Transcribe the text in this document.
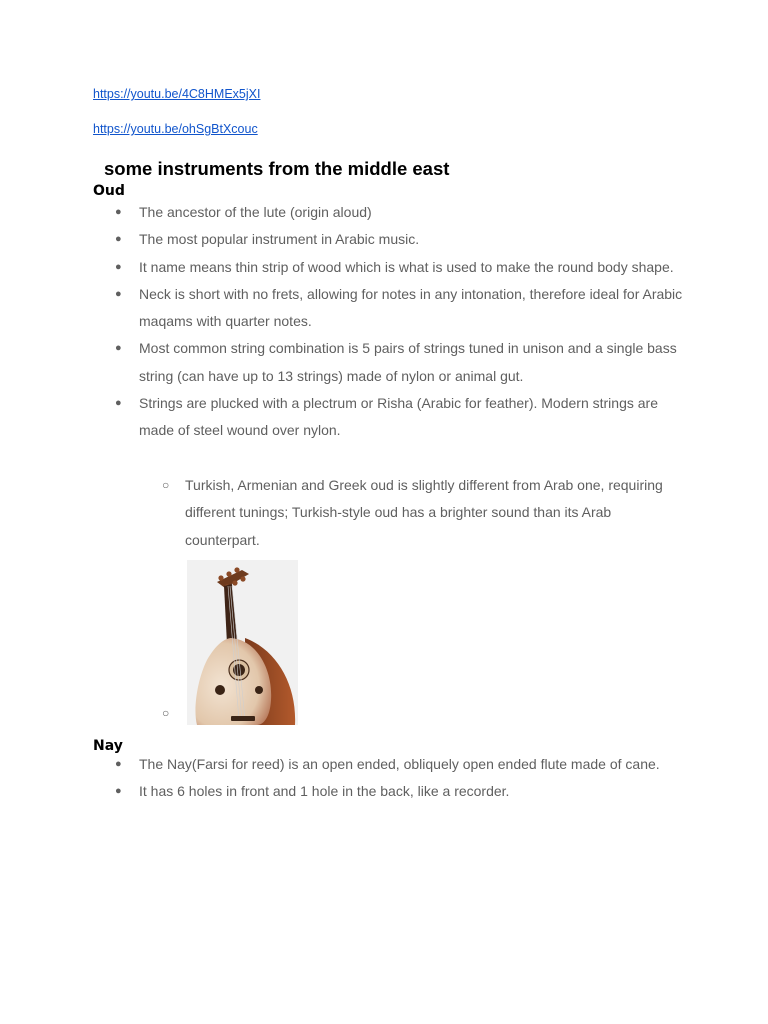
https://youtu.be/4C8HMEx5jXI
https://youtu.be/ohSgBtXcouc
some instruments from the middle east
Oud
● The ancestor of the lute (origin aloud)
● The most popular instrument in Arabic music.
● It name means thin strip of wood which is what is used to make the round body shape.
● Neck is short with no frets, allowing for notes in any intonation, therefore ideal for Arabic maqams with quarter notes.
● Most common string combination is 5 pairs of strings tuned in unison and a single bass string (can have up to 13 strings) made of nylon or animal gut.
● Strings are plucked with a plectrum or Risha (Arabic for feather). Modern strings are made of steel wound over nylon.
○ Turkish, Armenian and Greek oud is slightly different from Arab one, requiring different tunings; Turkish-style oud has a brighter sound than its Arab counterpart.
○
Nay
● The Nay(Farsi for reed) is an open ended, obliquely open ended flute made of cane.
● It has 6 holes in front and 1 hole in the back, like a recorder.
